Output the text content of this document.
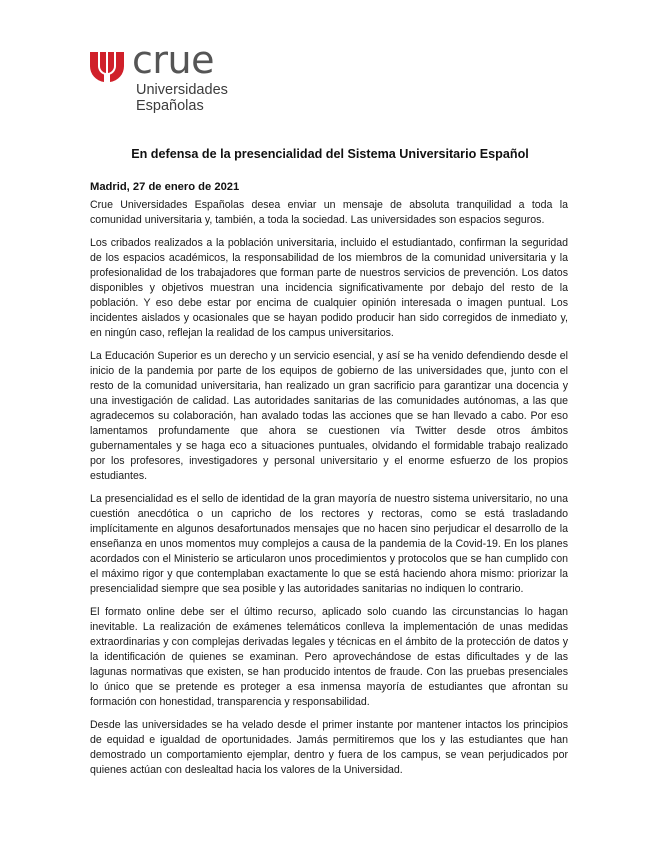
crue
Universidades
Españolas
En defensa de la presencialidad del Sistema Universitario Español
Madrid, 27 de enero de 2021

Crue Universidades Españolas desea enviar un mensaje de absoluta tranquilidad a toda la comunidad universitaria y, también, a toda la sociedad. Las universidades son espacios seguros.

Los cribados realizados a la población universitaria, incluido el estudiantado, confirman la seguridad de los espacios académicos, la responsabilidad de los miembros de la comunidad universitaria y la profesionalidad de los trabajadores que forman parte de nuestros servicios de prevención. Los datos disponibles y objetivos muestran una incidencia significativamente por debajo del resto de la población. Y eso debe estar por encima de cualquier opinión interesada o imagen puntual. Los incidentes aislados y ocasionales que se hayan podido producir han sido corregidos de inmediato y, en ningún caso, reflejan la realidad de los campus universitarios.

La Educación Superior es un derecho y un servicio esencial, y así se ha venido defendiendo desde el inicio de la pandemia por parte de los equipos de gobierno de las universidades que, junto con el resto de la comunidad universitaria, han realizado un gran sacrificio para garantizar una docencia y una investigación de calidad. Las autoridades sanitarias de las comunidades autónomas, a las que agradecemos su colaboración, han avalado todas las acciones que se han llevado a cabo. Por eso lamentamos profundamente que ahora se cuestionen vía Twitter desde otros ámbitos gubernamentales y se haga eco a situaciones puntuales, olvidando el formidable trabajo realizado por los profesores, investigadores y personal universitario y el enorme esfuerzo de los propios estudiantes.

La presencialidad es el sello de identidad de la gran mayoría de nuestro sistema universitario, no una cuestión anecdótica o un capricho de los rectores y rectoras, como se está trasladando implícitamente en algunos desafortunados mensajes que no hacen sino perjudicar el desarrollo de la enseñanza en unos momentos muy complejos a causa de la pandemia de la Covid-19. En los planes acordados con el Ministerio se articularon unos procedimientos y protocolos que se han cumplido con el máximo rigor y que contemplaban exactamente lo que se está haciendo ahora mismo: priorizar la presencialidad siempre que sea posible y las autoridades sanitarias no indiquen lo contrario.

El formato online debe ser el último recurso, aplicado solo cuando las circunstancias lo hagan inevitable. La realización de exámenes telemáticos conlleva la implementación de unas medidas extraordinarias y con complejas derivadas legales y técnicas en el ámbito de la protección de datos y la identificación de quienes se examinan. Pero aprovechándose de estas dificultades y de las lagunas normativas que existen, se han producido intentos de fraude. Con las pruebas presenciales lo único que se pretende es proteger a esa inmensa mayoría de estudiantes que afrontan su formación con honestidad, transparencia y responsabilidad.

Desde las universidades se ha velado desde el primer instante por mantener intactos los principios de equidad e igualdad de oportunidades. Jamás permitiremos que los y las estudiantes que han demostrado un comportamiento ejemplar, dentro y fuera de los campus, se vean perjudicados por quienes actúan con deslealtad hacia los valores de la Universidad.
